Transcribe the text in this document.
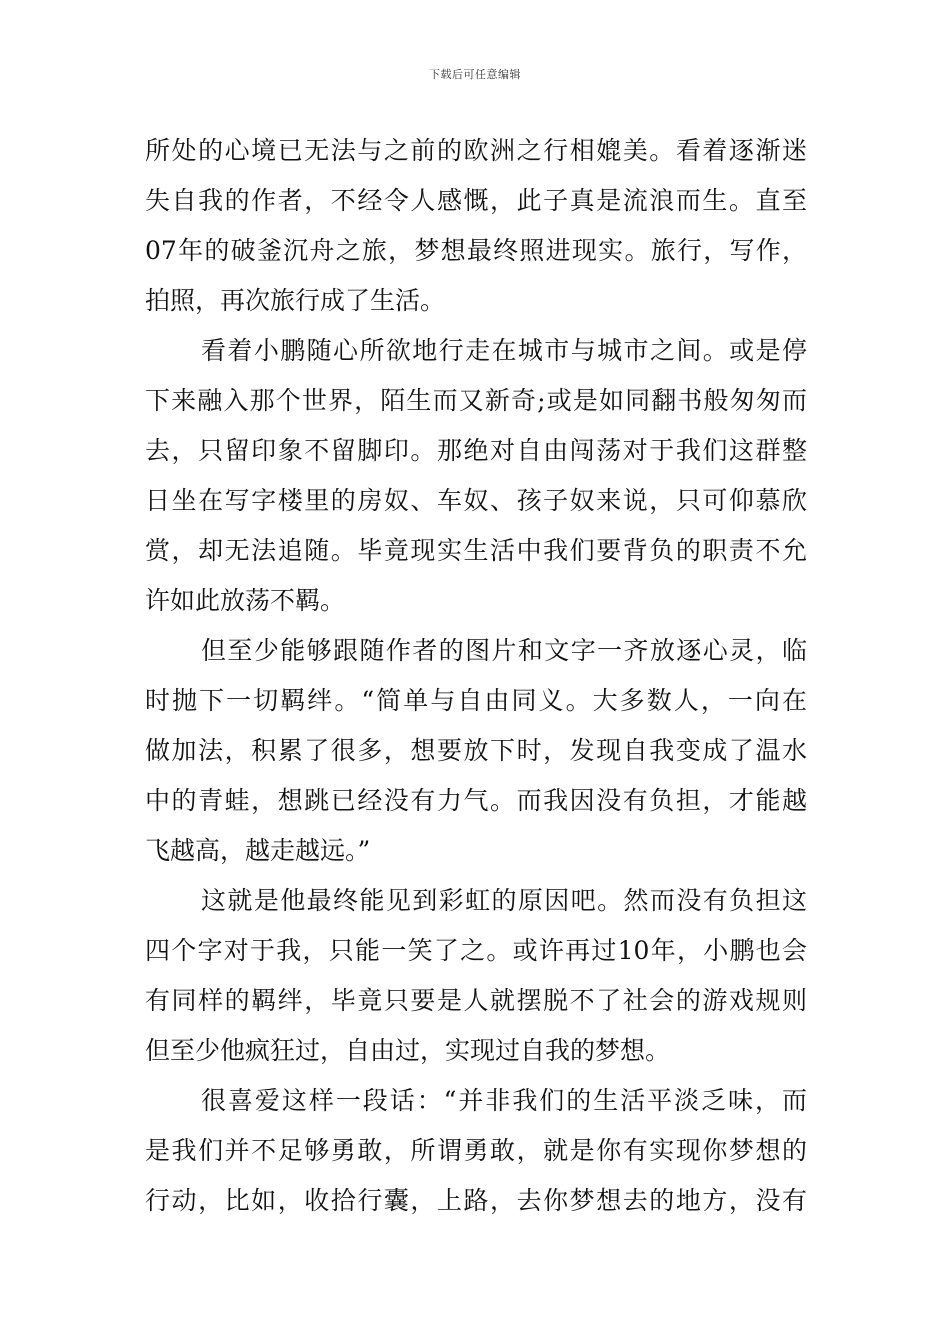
下载后可任意编辑
所处的心境已无法与之前的欧洲之行相媲美。看着逐渐迷
失自我的作者，不经令人感慨，此子真是流浪而生。直至
07年的破釜沉舟之旅，梦想最终照进现实。旅行，写作，
拍照，再次旅行成了生活。
看着小鹏随心所欲地行走在城市与城市之间。或是停
下来融入那个世界，陌生而又新奇;或是如同翻书般匆匆而
去，只留印象不留脚印。那绝对自由闯荡对于我们这群整
日坐在写字楼里的房奴、车奴、孩子奴来说，只可仰慕欣
赏，却无法追随。毕竟现实生活中我们要背负的职责不允
许如此放荡不羁。
但至少能够跟随作者的图片和文字一齐放逐心灵，临
时抛下一切羁绊。“简单与自由同义。大多数人，一向在
做加法，积累了很多，想要放下时，发现自我变成了温水
中的青蛙，想跳已经没有力气。而我因没有负担，才能越
飞越高，越走越远。”
这就是他最终能见到彩虹的原因吧。然而没有负担这
四个字对于我，只能一笑了之。或许再过10年，小鹏也会
有同样的羁绊，毕竟只要是人就摆脱不了社会的游戏规则
但至少他疯狂过，自由过，实现过自我的梦想。
很喜爱这样一段话：“并非我们的生活平淡乏味，而
是我们并不足够勇敢，所谓勇敢，就是你有实现你梦想的
行动，比如，收拾行囊，上路，去你梦想去的地方，没有
